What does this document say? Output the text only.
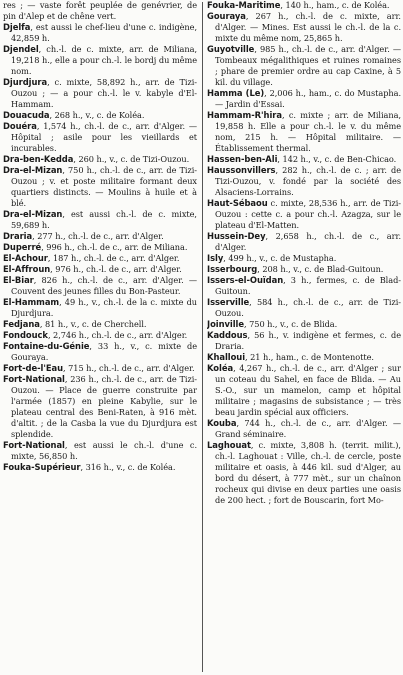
res ; — vaste forêt peuplée de genévrier, de pin d'Alep et de chêne vert.

Djelfa, est aussi le chef-lieu d'une c. indigène, 42,859 h.

Djendel, ch.-l. de c. mixte, arr. de Miliana, 19,218 h., elle a pour ch.-l. le bordj du même nom.

Djurdjura, c. mixte, 58,892 h., arr. de Tizi-Ouzou ; — a pour ch.-l. le v. kabyle d'El-Hammam.

Douacuda, 268 h., v., c. de Koléa.

Douéra, 1,574 h., ch.-l. de c., arr. d'Alger. — Hôpital ; asile pour les vieillards et incurables.

Dra-ben-Kedda, 260 h., v., c. de Tizi-Ouzou.

Dra-el-Mizan, 750 h., ch.-l. de c., arr. de Tizi-Ouzou ; v. et poste militaire formant deux quartiers distincts. — Moulins à huile et à blé.

Dra-el-Mizan, est aussi ch.-l. de c. mixte, 59,689 h.

Draria, 277 h., ch.-l. de c., arr. d'Alger.

Duperré, 996 h., ch.-l. de c., arr. de Miliana.

El-Achour, 187 h., ch.-l. de c., arr. d'Alger.

El-Affroun, 976 h., ch.-l. de c., arr. d'Alger.

El-Biar, 826 h., ch.-l. de c., arr. d'Alger. — Couvent des jeunes filles du Bon-Pasteur.

El-Hammam, 49 h., v., ch.-l. de la c. mixte du Djurdjura.

Fedjana, 81 h., v., c. de Cherchell.

Fondouck, 2,746 h., ch.-l. de c., arr. d'Alger.

Fontaine-du-Génie, 33 h., v., c. mixte de Gouraya.

Fort-de-l'Eau, 715 h., ch.-l. de c., arr. d'Alger.

Fort-National, 236 h., ch.-l. de c., arr. de Tizi-Ouzou. — Place de guerre construite par l'armée (1857) en pleine Kabylie, sur le plateau central des Beni-Raten, à 916 mèt. d'altit. ; de la Casba la vue du Djurdjura est splendide.

Fort-National, est aussi le ch.-l. d'une c. mixte, 56,850 h.

Fouka-Supérieur, 316 h., v., c. de Koléa.

Fouka-Maritime, 140 h., ham., c. de Koléa.

Gouraya, 267 h., ch.-l. de c. mixte, arr. d'Alger. — Mines. Est aussi le ch.-l. de la c. mixte du même nom, 25,865 h.

Guyotville, 985 h., ch.-l. de c., arr. d'Alger. — Tombeaux mégalithiques et ruines romaines ; phare de premier ordre au cap Caxine, à 5 kil. du village.

Hamma (Le), 2,006 h., ham., c. do Mustapha. — Jardin d'Essai.

Hammam-R'hira, c. mixte ; arr. de Miliana, 19,858 h. Elle a pour ch.-l. le v. du même nom, 215 h. — Hôpital militaire. — Établissement thermal.

Hassen-ben-Ali, 142 h., v., c. de Ben-Chicao.

Haussonvillers, 282 h., ch.-l. de c. ; arr. de Tizi-Ouzou, v. fondé par la société des Alsaciens-Lorrains.

Haut-Sébaou c. mixte, 28,536 h., arr. de Tizi-Ouzou : cette c. a pour ch.-l. Azagza, sur le plateau d'El-Matten.

Hussein-Dey, 2,658 h., ch.-l. de c., arr. d'Alger.

Isly, 499 h., v., c. de Mustapha.

Isserbourg, 208 h., v., c. de Blad-Guitoun.

Issers-el-Ouïdan, 3 h., fermes, c. de Blad-Guitoun.

Isserville, 584 h., ch.-l. de c., arr. de Tizi-Ouzou.

Joinville, 750 h., v., c. de Blida.

Kaddous, 56 h., v. indigène et fermes, c. de Draria.

Khalloui, 21 h., ham., c. de Montenotte.

Koléa, 4,267 h., ch.-l. de c., arr. d'Alger ; sur un coteau du Sahel, en face de Blida. — Au S.-O., sur un mamelon, camp et hôpital militaire ; magasins de subsistance ; — très beau jardin spécial aux officiers.

Kouba, 744 h., ch.-l. de c., arr. d'Alger. — Grand séminaire.

Laghouat, c. mixte, 3,808 h. (territ. milit.), ch.-l. Laghouat : Ville, ch.-l. de cercle, poste militaire et oasis, à 446 kil. sud d'Alger, au bord du désert, à 777 mèt., sur un chaînon rocheux qui divise en deux parties une oasis de 200 hect. ; fort de Bouscarin, fort Mo-
